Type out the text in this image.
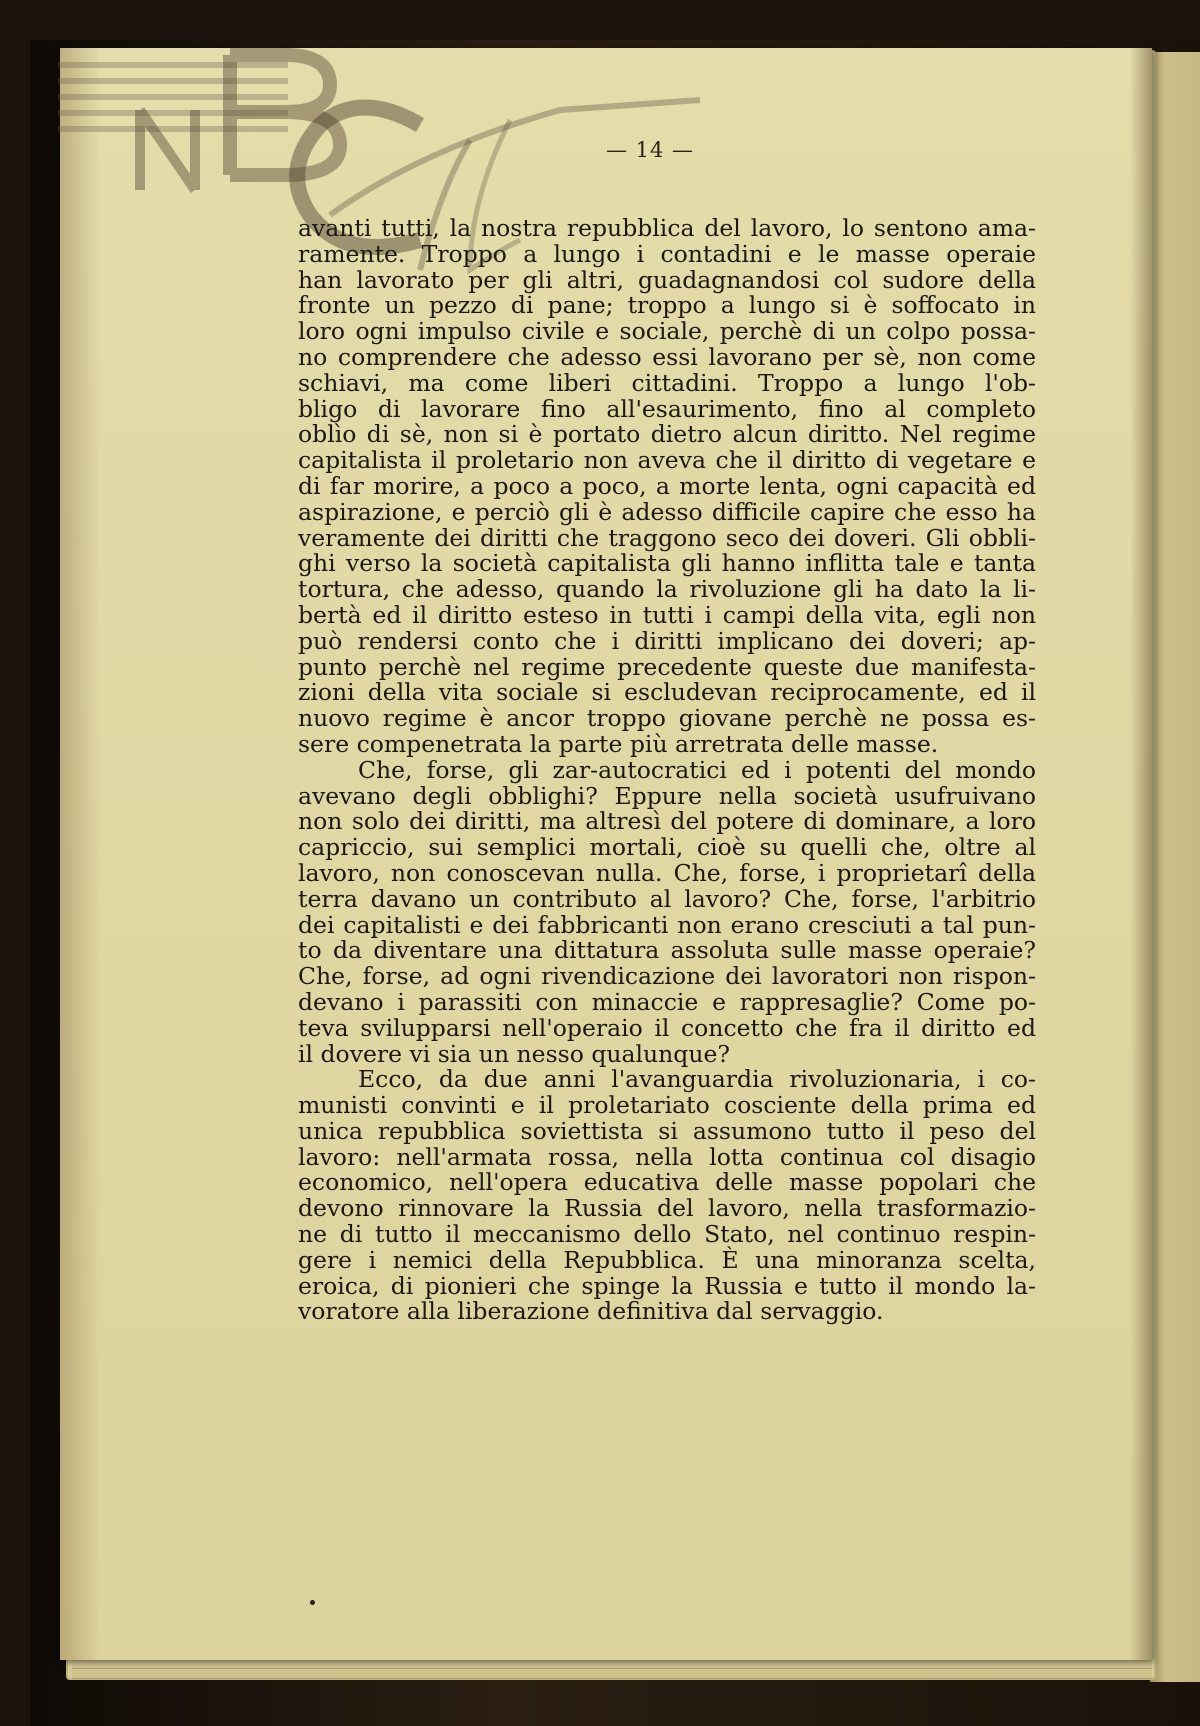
— 14 —
avanti tutti, la nostra repubblica del lavoro, lo sentono ama-
ramente. Troppo a lungo i contadini e le masse operaie
han lavorato per gli altri, guadagnandosi col sudore della
fronte un pezzo di pane; troppo a lungo si è soffocato in
loro ogni impulso civile e sociale, perchè di un colpo possa-
no comprendere che adesso essi lavorano per sè, non come
schiavi, ma come liberi cittadini. Troppo a lungo l'ob-
bligo di lavorare fino all'esaurimento, fino al completo
oblìo di sè, non si è portato dietro alcun diritto. Nel regime
capitalista il proletario non aveva che il diritto di vegetare e
di far morire, a poco a poco, a morte lenta, ogni capacità ed
aspirazione, e perciò gli è adesso difficile capire che esso ha
veramente dei diritti che traggono seco dei doveri. Gli obbli-
ghi verso la società capitalista gli hanno inflitta tale e tanta
tortura, che adesso, quando la rivoluzione gli ha dato la li-
bertà ed il diritto esteso in tutti i campi della vita, egli non
può rendersi conto che i diritti implicano dei doveri; ap-
punto perchè nel regime precedente queste due manifesta-
zioni della vita sociale si escludevan reciprocamente, ed il
nuovo regime è ancor troppo giovane perchè ne possa es-
sere compenetrata la parte più arretrata delle masse.
Che, forse, gli zar-autocratici ed i potenti del mondo
avevano degli obblighi? Eppure nella società usufruivano
non solo dei diritti, ma altresì del potere di dominare, a loro
capriccio, sui semplici mortali, cioè su quelli che, oltre al
lavoro, non conoscevan nulla. Che, forse, i proprietarî della
terra davano un contributo al lavoro? Che, forse, l'arbitrio
dei capitalisti e dei fabbricanti non erano cresciuti a tal pun-
to da diventare una dittatura assoluta sulle masse operaie?
Che, forse, ad ogni rivendicazione dei lavoratori non rispon-
devano i parassiti con minaccie e rappresaglie? Come po-
teva svilupparsi nell'operaio il concetto che fra il diritto ed
il dovere vi sia un nesso qualunque?
Ecco, da due anni l'avanguardia rivoluzionaria, i co-
munisti convinti e il proletariato cosciente della prima ed
unica repubblica soviettista si assumono tutto il peso del
lavoro: nell'armata rossa, nella lotta continua col disagio
economico, nell'opera educativa delle masse popolari che
devono rinnovare la Russia del lavoro, nella trasformazio-
ne di tutto il meccanismo dello Stato, nel continuo respin-
gere i nemici della Repubblica. È una minoranza scelta,
eroica, di pionieri che spinge la Russia e tutto il mondo la-
voratore alla liberazione definitiva dal servaggio.
